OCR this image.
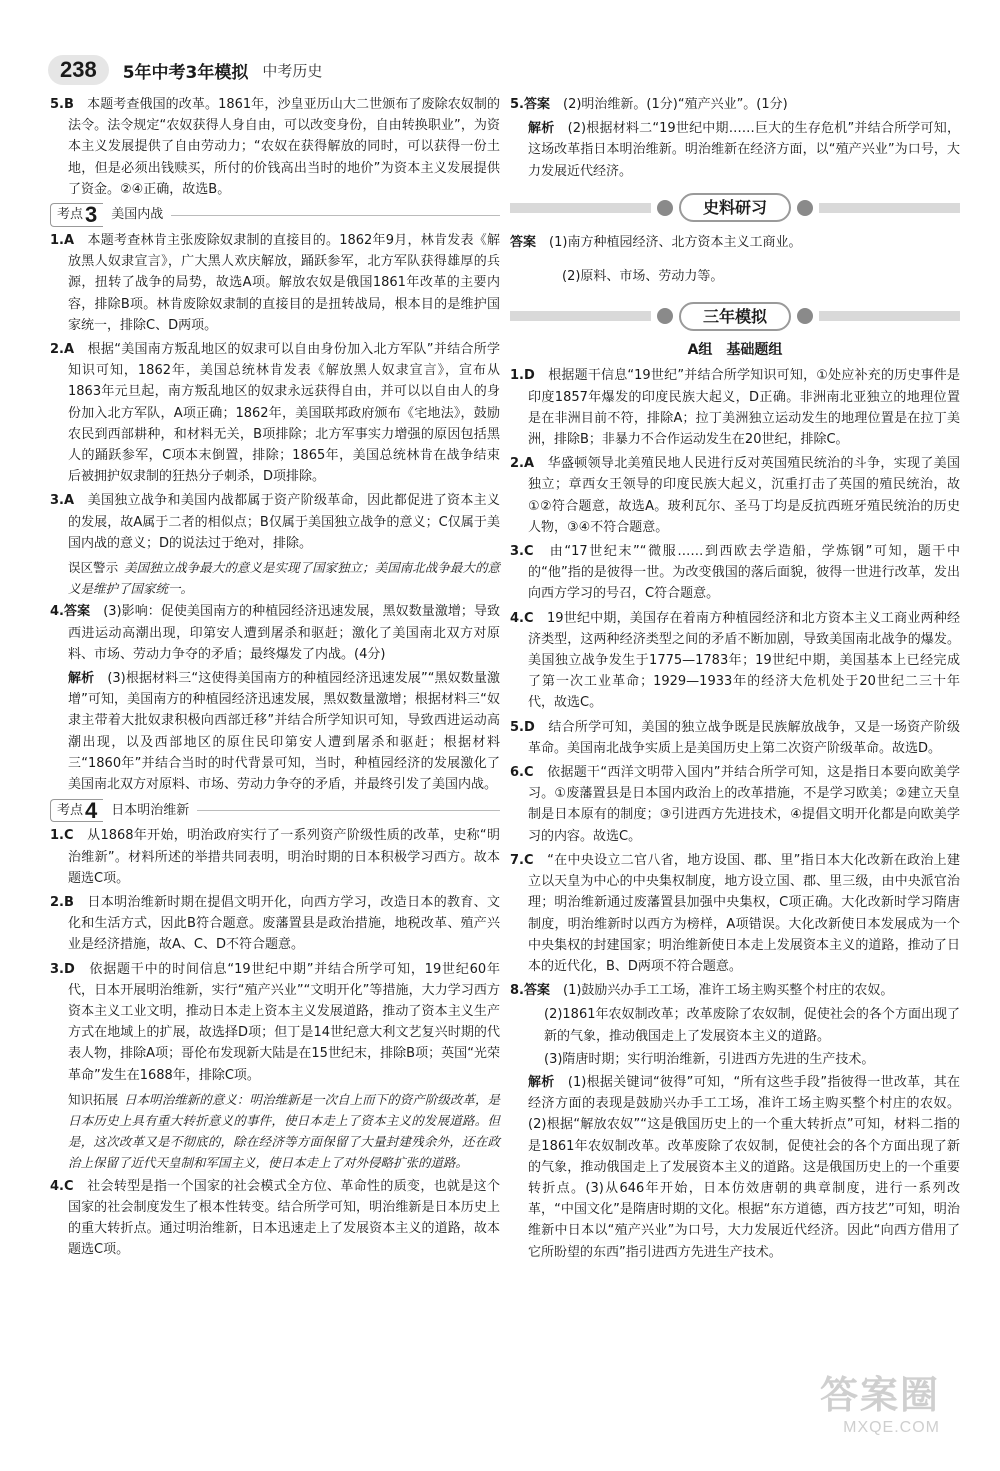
238	5年中考3年模拟 中考历史

5.B　 本题考查俄国的改革。1861年，沙皇亚历山大二世颁布了废除农奴制的法令。法令规定“农奴获得人身自由，可以改变身份，自由转换职业”，为资本主义发展提供了自由劳动力；“农奴在获得解放的同时，可以获得一份土地，但是必须出钱赎买，所付的价钱高出当时的地价”为资本主义发展提供了资金。②④正确，故选B。

考点 3 美国内战

1.A　 本题考查林肯主张废除奴隶制的直接目的。1862年9月，林肯发表《解放黑人奴隶宣言》，广大黑人欢庆解放，踊跃参军，北方军队获得雄厚的兵源，扭转了战争的局势，故选A项。解放农奴是俄国1861年改革的主要内容，排除B项。林肯废除奴隶制的直接目的是扭转战局，根本目的是维护国家统一，排除C、D两项。

2.A　 根据“美国南方叛乱地区的奴隶可以自由身份加入北方军队”并结合所学知识可知，1862年，美国总统林肯发表《解放黑人奴隶宣言》，宣布从1863年元旦起，南方叛乱地区的奴隶永远获得自由，并可以以自由人的身份加入北方军队，A项正确；1862年，美国联邦政府颁布《宅地法》，鼓励农民到西部耕种，和材料无关，B项排除；北方军事实力增强的原因包括黑人的踊跃参军，C项本末倒置，排除；1865年，美国总统林肯在战争结束后被拥护奴隶制的狂热分子刺杀，D项排除。

3.A　 美国独立战争和美国内战都属于资产阶级革命，因此都促进了资本主义的发展，故A属于二者的相似点；B仅属于美国独立战争的意义；C仅属于美国内战的意义；D的说法过于绝对，排除。

误区警示 美国独立战争最大的意义是实现了国家独立；美国南北战争最大的意义是维护了国家统一。

4.答案　 (3)影响：促使美国南方的种植园经济迅速发展，黑奴数量激增；导致西进运动高潮出现，印第安人遭到屠杀和驱赶；激化了美国南北双方对原料、市场、劳动力争夺的矛盾；最终爆发了内战。(4分)

解析　 (3)根据材料三“这使得美国南方的种植园经济迅速发展”“黑奴数量激增”可知，美国南方的种植园经济迅速发展，黑奴数量激增；根据材料三“奴隶主带着大批奴隶积极向西部迁移”并结合所学知识可知，导致西进运动高潮出现，以及西部地区的原住民印第安人遭到屠杀和驱赶；根据材料三“1860年”并结合当时的时代背景可知，当时，种植园经济的发展激化了美国南北双方对原料、市场、劳动力争夺的矛盾，并最终引发了美国内战。

考点 4 日本明治维新

1.C　 从1868年开始，明治政府实行了一系列资产阶级性质的改革，史称“明治维新”。材料所述的举措共同表明，明治时期的日本积极学习西方。故本题选C项。

2.B　 日本明治维新时期在提倡文明开化，向西方学习，改造日本的教育、文化和生活方式，因此B符合题意。废藩置县是政治措施，地税改革、殖产兴业是经济措施，故A、C、D不符合题意。

3.D　 依据题干中的时间信息“19世纪中期”并结合所学可知，19世纪60年代，日本开展明治维新，实行“殖产兴业”“文明开化”等措施，大力学习西方资本主义工业文明，推动日本走上资本主义发展道路，推动了资本主义生产方式在地域上的扩展，故选择D项；但丁是14世纪意大利文艺复兴时期的代表人物，排除A项；哥伦布发现新大陆是在15世纪末，排除B项；英国“光荣革命”发生在1688年，排除C项。

知识拓展 日本明治维新的意义：明治维新是一次自上而下的资产阶级改革，是日本历史上具有重大转折意义的事件，使日本走上了资本主义的发展道路。但是，这次改革又是不彻底的，除在经济等方面保留了大量封建残余外，还在政治上保留了近代天皇制和军国主义，使日本走上了对外侵略扩张的道路。

4.C　 社会转型是指一个国家的社会模式全方位、革命性的质变，也就是这个国家的社会制度发生了根本性转变。结合所学可知，明治维新是日本历史上的重大转折点。通过明治维新，日本迅速走上了发展资本主义的道路，故本题选C项。

5.答案　 (2)明治维新。(1分)“殖产兴业”。(1分)

解析　 (2)根据材料二“19世纪中期……巨大的生存危机”并结合所学可知，这场改革指日本明治维新。明治维新在经济方面，以“殖产兴业”为口号，大力发展近代经济。

史料研习

答案　 (1)南方种植园经济、北方资本主义工商业。

(2)原料、市场、劳动力等。

三年模拟
A组　基础题组

1.D　 根据题干信息“19世纪”并结合所学知识可知，①处应补充的历史事件是印度1857年爆发的印度民族大起义，D正确。非洲南北亚独立的地理位置是在非洲目前不符，排除A；拉丁美洲独立运动发生的地理位置是在拉丁美洲，排除B；非暴力不合作运动发生在20世纪，排除C。

2.A　 华盛顿领导北美殖民地人民进行反对英国殖民统治的斗争，实现了美国独立；章西女王领导的印度民族大起义，沉重打击了英国的殖民统治，故①②符合题意，故选A。玻利瓦尔、圣马丁均是反抗西班牙殖民统治的历史人物，③④不符合题意。

3.C　 由“17世纪末”“微服……到西欧去学造船，学炼钢”可知，题干中的“他”指的是彼得一世。为改变俄国的落后面貌，彼得一世进行改革，发出向西方学习的号召，C符合题意。

4.C　 19世纪中期，美国存在着南方种植园经济和北方资本主义工商业两种经济类型，这两种经济类型之间的矛盾不断加剧，导致美国南北战争的爆发。美国独立战争发生于1775—1783年；19世纪中期，美国基本上已经完成了第一次工业革命；1929—1933年的经济大危机处于20世纪二三十年代，故选C。

5.D　 结合所学可知，美国的独立战争既是民族解放战争，又是一场资产阶级革命。美国南北战争实质上是美国历史上第二次资产阶级革命。故选D。

6.C　 依据题干“西洋文明带入国内”并结合所学可知，这是指日本要向欧美学习。①废藩置县是日本国内政治上的改革措施，不是学习欧美；②建立天皇制是日本原有的制度；③引进西方先进技术，④提倡文明开化都是向欧美学习的内容。故选C。

7.C　 “在中央设立二官八省，地方设国、郡、里”指日本大化改新在政治上建立以天皇为中心的中央集权制度，地方设立国、郡、里三级，由中央派官治理；明治维新通过废藩置县加强中央集权，C项正确。大化改新时学习隋唐制度，明治维新时以西方为榜样，A项错误。大化改新使日本发展成为一个中央集权的封建国家；明治维新使日本走上发展资本主义的道路，推动了日本的近代化，B、D两项不符合题意。

8.答案　 (1)鼓励兴办手工工场，准许工场主购买整个村庄的农奴。

(2)1861年农奴制改革；改革废除了农奴制，促使社会的各个方面出现了新的气象，推动俄国走上了发展资本主义的道路。

(3)隋唐时期；实行明治维新，引进西方先进的生产技术。

解析　 (1)根据关键词“彼得”可知，“所有这些手段”指彼得一世改革，其在经济方面的表现是鼓励兴办手工工场，准许工场主购买整个村庄的农奴。(2)根据“解放农奴”“这是俄国历史上的一个重大转折点”可知，材料二指的是1861年农奴制改革。改革废除了农奴制，促使社会的各个方面出现了新的气象，推动俄国走上了发展资本主义的道路。这是俄国历史上的一个重要转折点。(3)从646年开始，日本仿效唐朝的典章制度，进行一系列改革，“中国文化”是隋唐时期的文化。根据“东方道德，西方技艺”可知，明治维新中日本以“殖产兴业”为口号，大力发展近代经济。因此“向西方借用了它所盼望的东西”指引进西方先进生产技术。

答案圈
MXQE.COM
